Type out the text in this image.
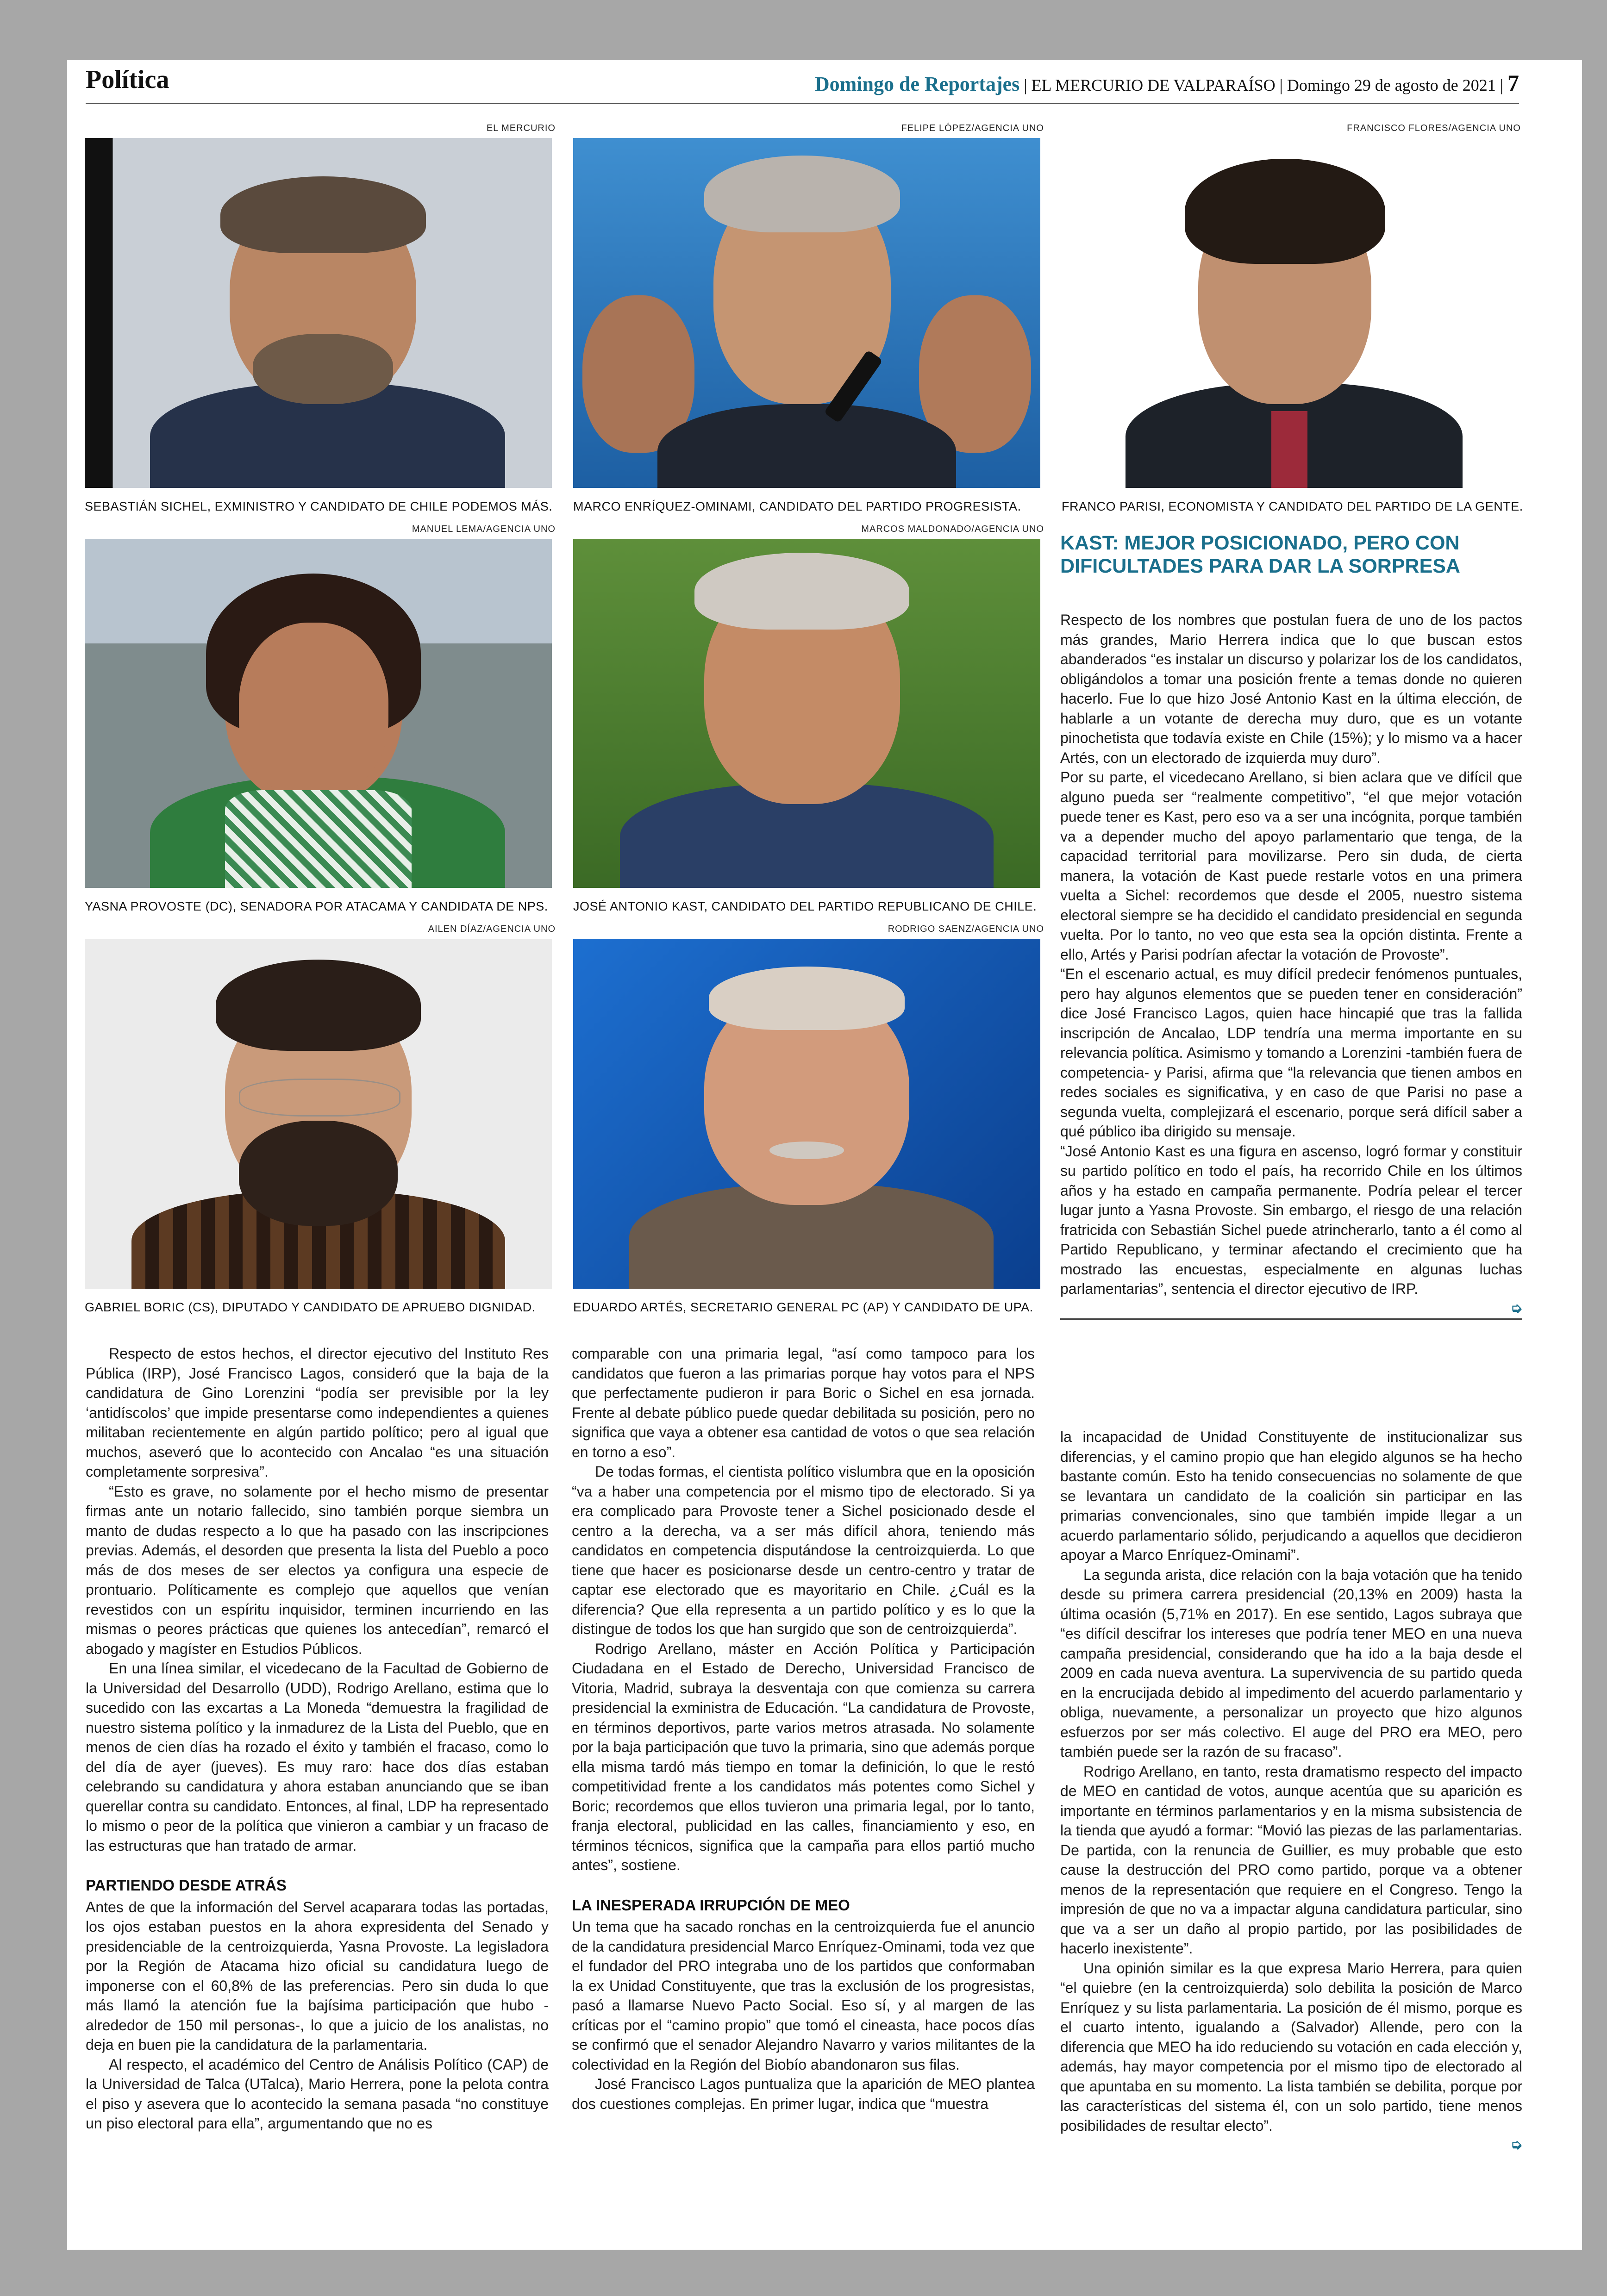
Política	Domingo de Reportajes | EL MERCURIO DE VALPARAÍSO | Domingo 29 de agosto de 2021 | 7
EL MERCURIO
SEBASTIÁN SICHEL, EXMINISTRO Y CANDIDATO DE CHILE PODEMOS MÁS.
FELIPE LÓPEZ/AGENCIA UNO
MARCO ENRÍQUEZ-OMINAMI, CANDIDATO DEL PARTIDO PROGRESISTA.
FRANCISCO FLORES/AGENCIA UNO
FRANCO PARISI, ECONOMISTA Y CANDIDATO DEL PARTIDO DE LA GENTE.
MANUEL LEMA/AGENCIA UNO
YASNA PROVOSTE (DC), SENADORA POR ATACAMA Y CANDIDATA DE NPS.
MARCOS MALDONADO/AGENCIA UNO
JOSÉ ANTONIO KAST, CANDIDATO DEL PARTIDO REPUBLICANO DE CHILE.
AILEN DÍAZ/AGENCIA UNO
GABRIEL BORIC (CS), DIPUTADO Y CANDIDATO DE APRUEBO DIGNIDAD.
RODRIGO SAENZ/AGENCIA UNO
EDUARDO ARTÉS, SECRETARIO GENERAL PC (AP) Y CANDIDATO DE UPA.
KAST: MEJOR POSICIONADO, PERO CON DIFICULTADES PARA DAR LA SORPRESA

Respecto de los nombres que postulan fuera de uno de los pactos más grandes, Mario Herrera indica que lo que buscan estos abanderados “es instalar un discurso y polarizar los de los candidatos, obligándolos a tomar una posición frente a temas donde no quieren hacerlo. Fue lo que hizo José Antonio Kast en la última elección, de hablarle a un votante de derecha muy duro, que es un votante pinochetista que todavía existe en Chile (15%); y lo mismo va a hacer Artés, con un electorado de izquierda muy duro”.

Por su parte, el vicedecano Arellano, si bien aclara que ve difícil que alguno pueda ser “realmente competitivo”, “el que mejor votación puede tener es Kast, pero eso va a ser una incógnita, porque también va a depender mucho del apoyo parlamentario que tenga, de la capacidad territorial para movilizarse. Pero sin duda, de cierta manera, la votación de Kast puede restarle votos en una primera vuelta a Sichel: recordemos que desde el 2005, nuestro sistema electoral siempre se ha decidido el candidato presidencial en segunda vuelta. Por lo tanto, no veo que esta sea la opción distinta. Frente a ello, Artés y Parisi podrían afectar la votación de Provoste”.

“En el escenario actual, es muy difícil predecir fenómenos puntuales, pero hay algunos elementos que se pueden tener en consideración” dice José Francisco Lagos, quien hace hincapié que tras la fallida inscripción de Ancalao, LDP tendría una merma importante en su relevancia política. Asimismo y tomando a Lorenzini -también fuera de competencia- y Parisi, afirma que “la relevancia que tienen ambos en redes sociales es significativa, y en caso de que Parisi no pase a segunda vuelta, complejizará el escenario, porque será difícil saber a qué público iba dirigido su mensaje.

“José Antonio Kast es una figura en ascenso, logró formar y constituir su partido político en todo el país, ha recorrido Chile en los últimos años y ha estado en campaña permanente. Podría pelear el tercer lugar junto a Yasna Provoste. Sin embargo, el riesgo de una relación fratricida con Sebastián Sichel puede atrincherarlo, tanto a él como al Partido Republicano, y terminar afectando el crecimiento que ha mostrado las encuestas, especialmente en algunas luchas parlamentarias”, sentencia el director ejecutivo de IRP.

➭

Respecto de estos hechos, el director ejecutivo del Instituto Res Pública (IRP), José Francisco Lagos, consideró que la baja de la candidatura de Gino Lorenzini “podía ser previsible por la ley ‘antidíscolos’ que impide presentarse como independientes a quienes militaban recientemente en algún partido político; pero al igual que muchos, aseveró que lo acontecido con Ancalao “es una situación completamente sorpresiva”.

“Esto es grave, no solamente por el hecho mismo de presentar firmas ante un notario fallecido, sino también porque siembra un manto de dudas respecto a lo que ha pasado con las inscripciones previas. Además, el desorden que presenta la lista del Pueblo a poco más de dos meses de ser electos ya configura una especie de prontuario. Políticamente es complejo que aquellos que venían revestidos con un espíritu inquisidor, terminen incurriendo en las mismas o peores prácticas que quienes los antecedían”, remarcó el abogado y magíster en Estudios Públicos.

En una línea similar, el vicedecano de la Facultad de Gobierno de la Universidad del Desarrollo (UDD), Rodrigo Arellano, estima que lo sucedido con las excartas a La Moneda “demuestra la fragilidad de nuestro sistema político y la inmadurez de la Lista del Pueblo, que en menos de cien días ha rozado el éxito y también el fracaso, como lo del día de ayer (jueves). Es muy raro: hace dos días estaban celebrando su candidatura y ahora estaban anunciando que se iban querellar contra su candidato. Entonces, al final, LDP ha representado lo mismo o peor de la política que vinieron a cambiar y un fracaso de las estructuras que han tratado de armar.

PARTIENDO DESDE ATRÁS

Antes de que la información del Servel acaparara todas las portadas, los ojos estaban puestos en la ahora expresidenta del Senado y presidenciable de la centroizquierda, Yasna Provoste. La legisladora por la Región de Atacama hizo oficial su candidatura luego de imponerse con el 60,8% de las preferencias. Pero sin duda lo que más llamó la atención fue la bajísima participación que hubo -alrededor de 150 mil personas-, lo que a juicio de los analistas, no deja en buen pie la candidatura de la parlamentaria.

Al respecto, el académico del Centro de Análisis Político (CAP) de la Universidad de Talca (UTalca), Mario Herrera, pone la pelota contra el piso y asevera que lo acontecido la semana pasada “no constituye un piso electoral para ella”, argumentando que no es

comparable con una primaria legal, “así como tampoco para los candidatos que fueron a las primarias porque hay votos para el NPS que perfectamente pudieron ir para Boric o Sichel en esa jornada. Frente al debate público puede quedar debilitada su posición, pero no significa que vaya a obtener esa cantidad de votos o que sea relación en torno a eso”.

De todas formas, el cientista político vislumbra que en la oposición “va a haber una competencia por el mismo tipo de electorado. Si ya era complicado para Provoste tener a Sichel posicionado desde el centro a la derecha, va a ser más difícil ahora, teniendo más candidatos en competencia disputándose la centroizquierda. Lo que tiene que hacer es posicionarse desde un centro-centro y tratar de captar ese electorado que es mayoritario en Chile. ¿Cuál es la diferencia? Que ella representa a un partido político y es lo que la distingue de todos los que han surgido que son de centroizquierda”.

Rodrigo Arellano, máster en Acción Política y Participación Ciudadana en el Estado de Derecho, Universidad Francisco de Vitoria, Madrid, subraya la desventaja con que comienza su carrera presidencial la exministra de Educación. “La candidatura de Provoste, en términos deportivos, parte varios metros atrasada. No solamente por la baja participación que tuvo la primaria, sino que además porque ella misma tardó más tiempo en tomar la definición, lo que le restó competitividad frente a los candidatos más potentes como Sichel y Boric; recordemos que ellos tuvieron una primaria legal, por lo tanto, franja electoral, publicidad en las calles, financiamiento y eso, en términos técnicos, significa que la campaña para ellos partió mucho antes”, sostiene.

LA INESPERADA IRRUPCIÓN DE MEO

Un tema que ha sacado ronchas en la centroizquierda fue el anuncio de la candidatura presidencial Marco Enríquez-Ominami, toda vez que el fundador del PRO integraba uno de los partidos que conformaban la ex Unidad Constituyente, que tras la exclusión de los progresistas, pasó a llamarse Nuevo Pacto Social. Eso sí, y al margen de las críticas por el “camino propio” que tomó el cineasta, hace pocos días se confirmó que el senador Alejandro Navarro y varios militantes de la colectividad en la Región del Biobío abandonaron sus filas.

José Francisco Lagos puntualiza que la aparición de MEO plantea dos cuestiones complejas. En primer lugar, indica que “muestra

la incapacidad de Unidad Constituyente de institucionalizar sus diferencias, y el camino propio que han elegido algunos se ha hecho bastante común. Esto ha tenido consecuencias no solamente de que se levantara un candidato de la coalición sin participar en las primarias convencionales, sino que también impide llegar a un acuerdo parlamentario sólido, perjudicando a aquellos que decidieron apoyar a Marco Enríquez-Ominami”.

La segunda arista, dice relación con la baja votación que ha tenido desde su primera carrera presidencial (20,13% en 2009) hasta la última ocasión (5,71% en 2017). En ese sentido, Lagos subraya que “es difícil descifrar los intereses que podría tener MEO en una nueva campaña presidencial, considerando que ha ido a la baja desde el 2009 en cada nueva aventura. La supervivencia de su partido queda en la encrucijada debido al impedimento del acuerdo parlamentario y obliga, nuevamente, a personalizar un proyecto que hizo algunos esfuerzos por ser más colectivo. El auge del PRO era MEO, pero también puede ser la razón de su fracaso”.

Rodrigo Arellano, en tanto, resta dramatismo respecto del impacto de MEO en cantidad de votos, aunque acentúa que su aparición es importante en términos parlamentarios y en la misma subsistencia de la tienda que ayudó a formar: “Movió las piezas de las parlamentarias. De partida, con la renuncia de Guillier, es muy probable que esto cause la destrucción del PRO como partido, porque va a obtener menos de la representación que requiere en el Congreso. Tengo la impresión de que no va a impactar alguna candidatura particular, sino que va a ser un daño al propio partido, por las posibilidades de hacerlo inexistente”.

Una opinión similar es la que expresa Mario Herrera, para quien “el quiebre (en la centroizquierda) solo debilita la posición de Marco Enríquez y su lista parlamentaria. La posición de él mismo, porque es el cuarto intento, igualando a (Salvador) Allende, pero con la diferencia que MEO ha ido reduciendo su votación en cada elección y, además, hay mayor competencia por el mismo tipo de electorado al que apuntaba en su momento. La lista también se debilita, porque por las características del sistema él, con un solo partido, tiene menos posibilidades de resultar electo”.

➭
